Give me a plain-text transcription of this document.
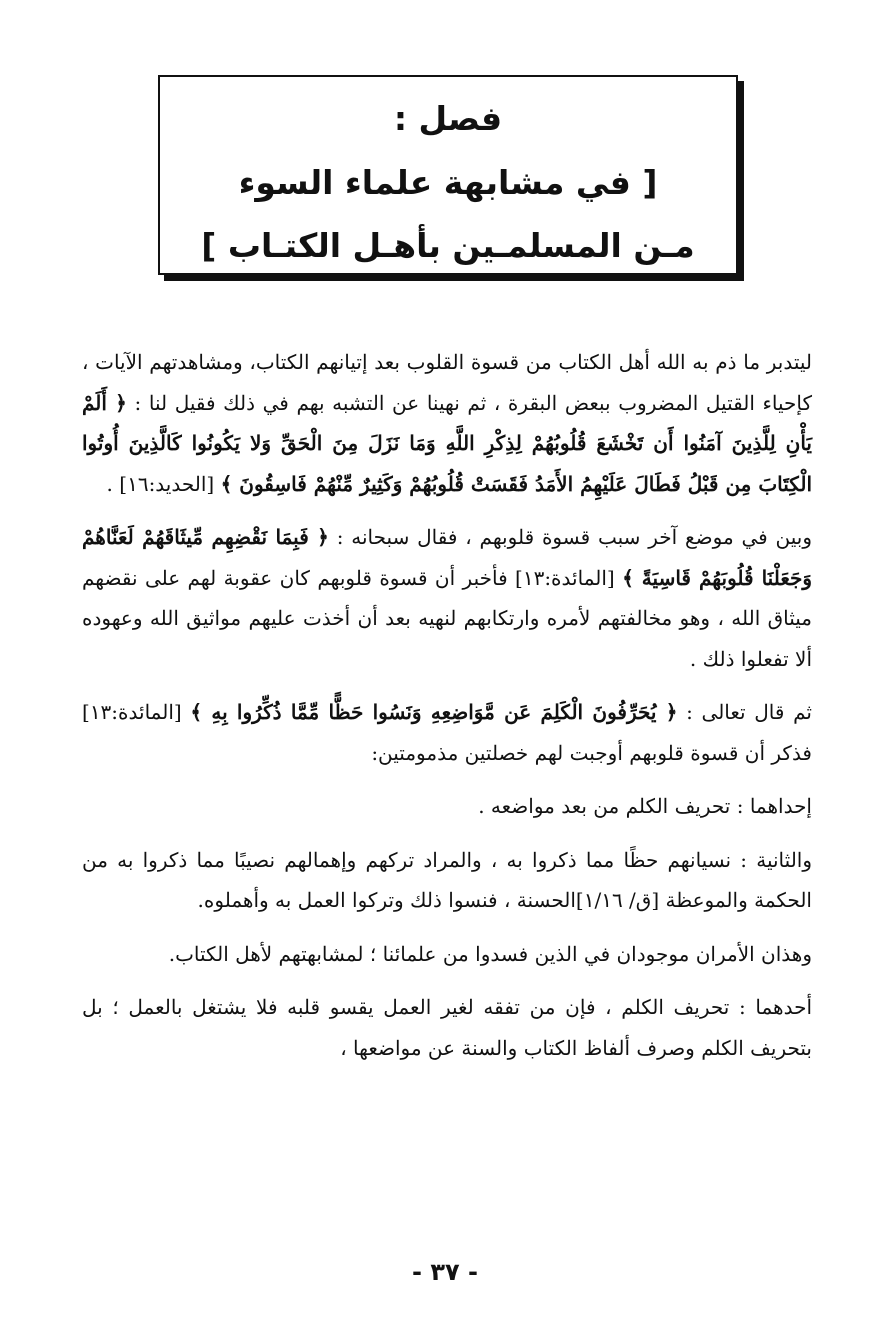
فصل :
[ في مشابهة علماء السوء
مـن المسلمـين بأهـل الكتـاب ]

ليتدبر ما ذم به الله أهل الكتاب من قسوة القلوب بعد إتيانهم الكتاب، ومشاهدتهم الآيات ، كإحياء القتيل المضروب ببعض البقرة ، ثم نهينا عن التشبه بهم في ذلك فقيل لنا : ﴿ أَلَمْ يَأْنِ لِلَّذِينَ آمَنُوا أَن تَخْشَعَ قُلُوبُهُمْ لِذِكْرِ اللَّهِ وَمَا نَزَلَ مِنَ الْحَقِّ وَلا يَكُونُوا كَالَّذِينَ أُوتُوا الْكِتَابَ مِن قَبْلُ فَطَالَ عَلَيْهِمُ الأَمَدُ فَقَسَتْ قُلُوبُهُمْ وَكَثِيرٌ مِّنْهُمْ فَاسِقُونَ ﴾ [الحديد:١٦] .

وبين في موضع آخر سبب قسوة قلوبهم ، فقال سبحانه : ﴿ فَبِمَا نَقْضِهِم مِّيثَاقَهُمْ لَعَنَّاهُمْ وَجَعَلْنَا قُلُوبَهُمْ قَاسِيَةً ﴾ [المائدة:١٣] فأخبر أن قسوة قلوبهم كان عقوبة لهم على نقضهم ميثاق الله ، وهو مخالفتهم لأمره وارتكابهم لنهيه بعد أن أخذت عليهم مواثيق الله وعهوده ألا تفعلوا ذلك .

ثم قال تعالى : ﴿ يُحَرِّفُونَ الْكَلِمَ عَن مَّوَاضِعِهِ وَنَسُوا حَظًّا مِّمَّا ذُكِّرُوا بِهِ ﴾ [المائدة:١٣] فذكر أن قسوة قلوبهم أوجبت لهم خصلتين مذمومتين:

إحداهما : تحريف الكلم من بعد مواضعه .

والثانية : نسيانهم حظًا مما ذكروا به ، والمراد تركهم وإهمالهم نصيبًا مما ذكروا به من الحكمة والموعظة [ق/ ١/١٦]الحسنة ، فنسوا ذلك وتركوا العمل به وأهملوه.

وهذان الأمران موجودان في الذين فسدوا من علمائنا ؛ لمشابهتهم لأهل الكتاب.

أحدهما : تحريف الكلم ، فإن من تفقه لغير العمل يقسو قلبه فلا يشتغل بالعمل ؛ بل بتحريف الكلم وصرف ألفاظ الكتاب والسنة عن مواضعها ،

- ٣٧ -
